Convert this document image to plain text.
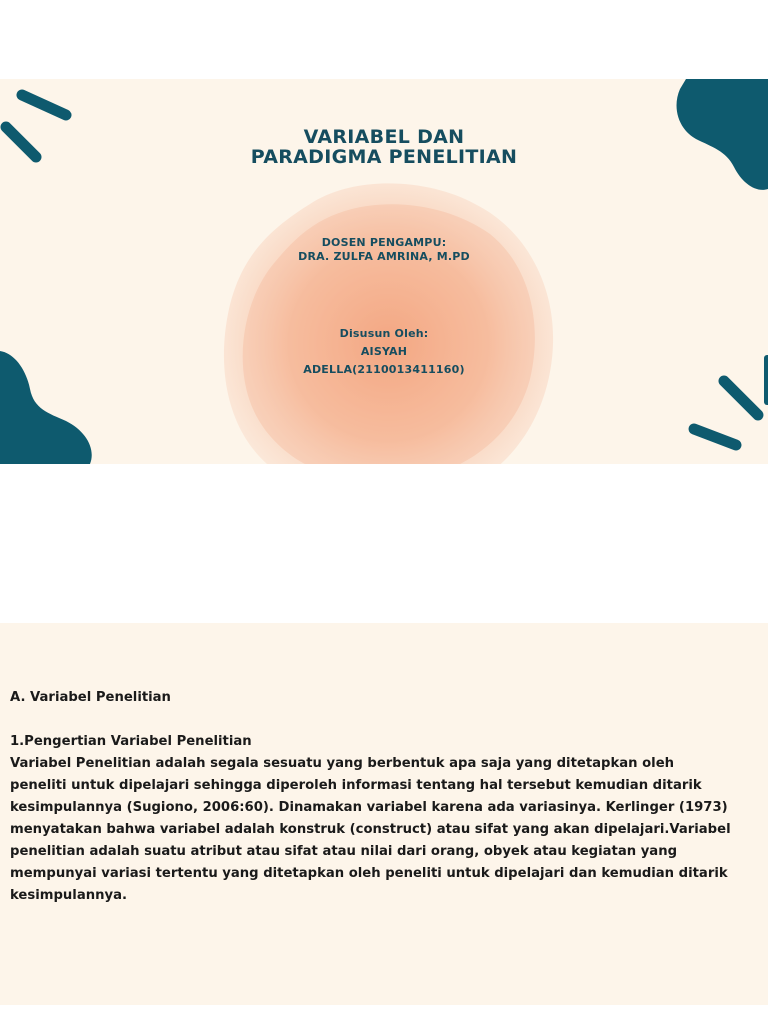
VARIABEL DAN
PARADIGMA PENELITIAN
DOSEN PENGAMPU:
DRA. ZULFA AMRINA, M.PD
Disusun Oleh:
AISYAH
ADELLA(2110013411160)

A. Variabel Penelitian

1.Pengertian Variabel Penelitian

Variabel Penelitian adalah segala sesuatu yang berbentuk apa saja yang ditetapkan oleh

peneliti untuk dipelajari sehingga diperoleh informasi tentang hal tersebut kemudian ditarik

kesimpulannya (Sugiono, 2006:60). Dinamakan variabel karena ada variasinya. Kerlinger (1973)

menyatakan bahwa variabel adalah konstruk (construct) atau sifat yang akan dipelajari.Variabel

penelitian adalah suatu atribut atau sifat atau nilai dari orang, obyek atau kegiatan yang

mempunyai variasi tertentu yang ditetapkan oleh peneliti untuk dipelajari dan kemudian ditarik

kesimpulannya.
